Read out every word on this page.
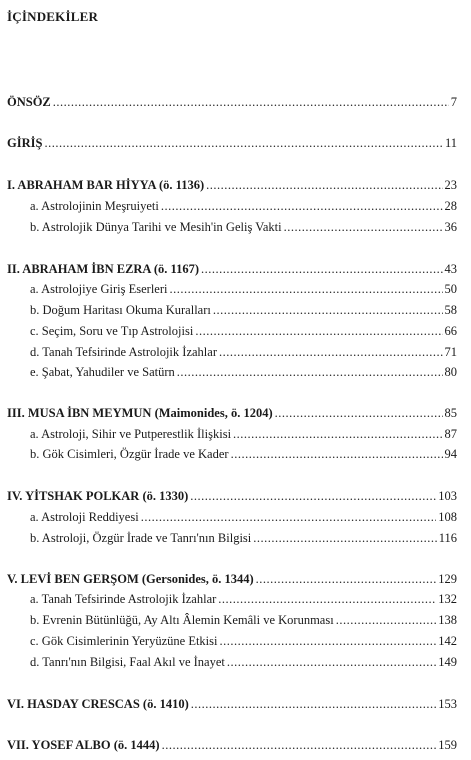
İÇİNDEKİLER
ÖNSÖZ .....	7
GİRİŞ .....	11
I. ABRAHAM BAR HİYYA (ö. 1136) .....	23
a. Astrolojinin Meşruiyeti .....	28
b. Astrolojik Dünya Tarihi ve Mesih'in Geliş Vakti .....	36
II. ABRAHAM İBN EZRA (ö. 1167) .....	43
a. Astrolojiye Giriş Eserleri .....	50
b. Doğum Haritası Okuma Kuralları .....	58
c. Seçim, Soru ve Tıp Astrolojisi .....	66
d. Tanah Tefsirinde Astrolojik İzahlar .....	71
e. Şabat, Yahudiler ve Satürn .....	80
III. MUSA İBN MEYMUN (Maimonides, ö. 1204) .....	85
a. Astroloji, Sihir ve Putperestlik İlişkisi .....	87
b. Gök Cisimleri, Özgür İrade ve Kader .....	94
IV. YİTSHAK POLKAR (ö. 1330) .....	103
a. Astroloji Reddiyesi .....	108
b. Astroloji, Özgür İrade ve Tanrı'nın Bilgisi .....	116
V. LEVİ BEN GERŞOM (Gersonides, ö. 1344) .....	129
a. Tanah Tefsirinde Astrolojik İzahlar .....	132
b. Evrenin Bütünlüğü, Ay Altı Âlemin Kemâli ve Korunması .....	138
c. Gök Cisimlerinin Yeryüzüne Etkisi .....	142
d. Tanrı'nın Bilgisi, Faal Akıl ve İnayet .....	149
VI. HASDAY CRESCAS (ö. 1410) .....	153
VII. YOSEF ALBO (ö. 1444) .....	159
